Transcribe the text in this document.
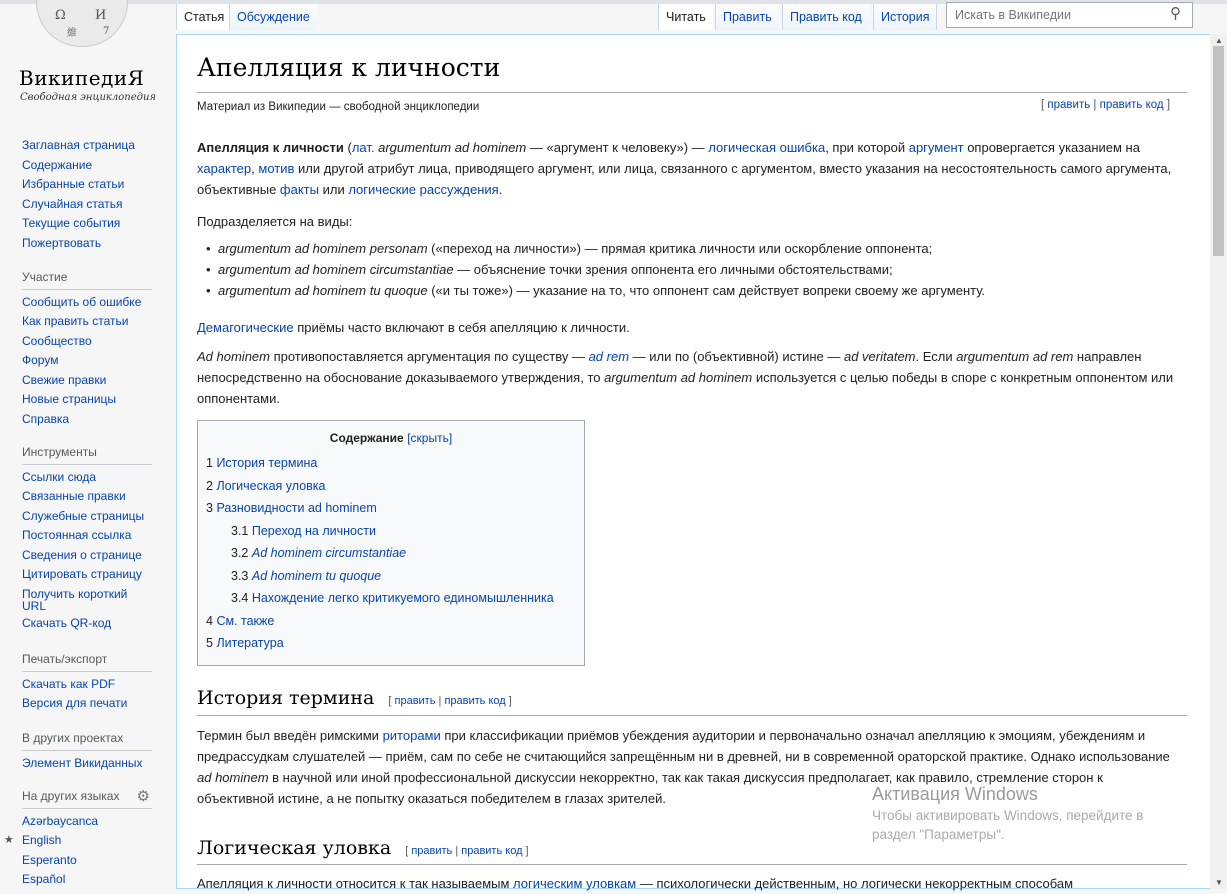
Ω И
維	7
ВикипедиЯ
Свободная энциклопедия
Заглавная страница
Содержание
Избранные статьи
Случайная статья
Текущие события
Пожертвовать
Участие
Сообщить об ошибке
Как править статьи
Сообщество
Форум
Свежие правки
Новые страницы
Справка
Инструменты
Ссылки сюда
Связанные правки
Служебные страницы
Постоянная ссылка
Сведения о странице
Цитировать страницу
Получить короткий URL
Скачать QR-код
Печать/экспорт
Скачать как PDF
Версия для печати
В других проектах
Элемент Викиданных
На других языках ⚙
Azərbaycanca
★ English
Esperanto
Español
Статья	Обсуждение	Читать	Править	Править код	История
Искать в Википедии	⚲
Апелляция к личности
Материал из Википедии — свободной энциклопедии	[ править | править код ]

Апелляция к личности (лат. argumentum ad hominem — «аргумент к человеку») — логическая ошибка, при которой аргумент опровергается указанием на характер, мотив или другой атрибут лица, приводящего аргумент, или лица, связанного с аргументом, вместо указания на несостоятельность самого аргумента, объективные факты или логические рассуждения.

Подразделяется на виды:

• argumentum ad hominem personam («переход на личности») — прямая критика личности или оскорбление оппонента;
• argumentum ad hominem circumstantiae — объяснение точки зрения оппонента его личными обстоятельствами;
• argumentum ad hominem tu quoque («и ты тоже») — указание на то, что оппонент сам действует вопреки своему же аргументу.

Демагогические приёмы часто включают в себя апелляцию к личности.

Ad hominem противопоставляется аргументация по существу — ad rem — или по (объективной) истине — ad veritatem. Если argumentum ad rem направлен непосредственно на обоснование доказываемого утверждения, то argumentum ad hominem используется с целью победы в споре с конкретным оппонентом или оппонентами.

Содержание [скрыть]
1 История термина
2 Логическая уловка
3 Разновидности ad hominem
3.1 Переход на личности
3.2 Ad hominem circumstantiae
3.3 Ad hominem tu quoque
3.4 Нахождение легко критикуемого единомышленника
4 См. также
5 Литература
История термина [ править | править код ]

Термин был введён римскими риторами при классификации приёмов убеждения аудитории и первоначально означал апелляцию к эмоциям, убеждениям и предрассудкам слушателей — приём, сам по себе не считающийся запрещённым ни в древней, ни в современной ораторской практике. Однако использование ad hominem в научной или иной профессиональной дискуссии некорректно, так как такая дискуссия предполагает, как правило, стремление сторон к объективной истине, а не попытку оказаться победителем в глазах зрителей.

Логическая уловка [ править | править код ]

Апелляция к личности относится к так называемым логическим уловкам — психологически действенным, но логически некорректным способам

Активация Windows
Чтобы активировать Windows, перейдите в
раздел "Параметры".
▲
▼
